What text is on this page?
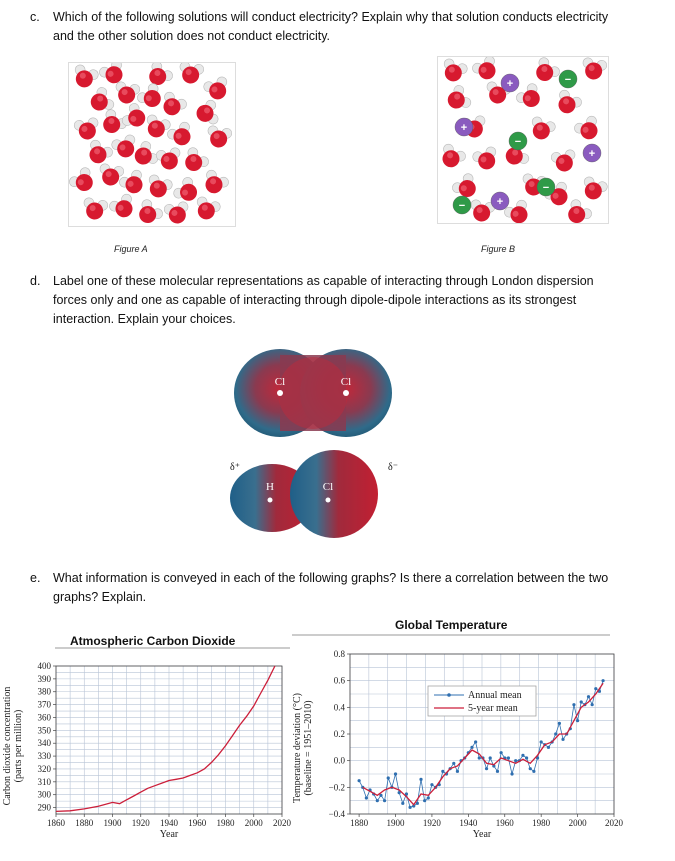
c. Which of the following solutions will conduct electricity? Explain why that solution conducts electricity
and the other solution does not conduct electricity.
Figure A
+	−
+
−
+
−	+
−
Figure B
d. Label one of these molecular representations as capable of interacting through London dispersion
forces only and one as capable of interacting through dipole-dipole interactions as its strongest
interaction. Explain your choices.
Cl	Cl
H	Cl
δ⁺	δ⁻
e. What information is conveyed in each of the following graphs? Is there a correlation between the two
graphs? Explain.
Atmospheric Carbon Dioxide
1860 1880 1900 1920 1940 1960 1980 2000 2020
290
300
310
320
330
340
350
360
370
380
390
400
Year
Carbon dioxide concentration (parts per million)
Global Temperature
1880 1900 1920 1940 1960 1980 2000 2020
0.8
0.6
0.4
0.2
0.0
−0.2
−0.4
Year
Temperature deviation (°C) (baseline = 1951–2010)
Annual mean
5-year mean
